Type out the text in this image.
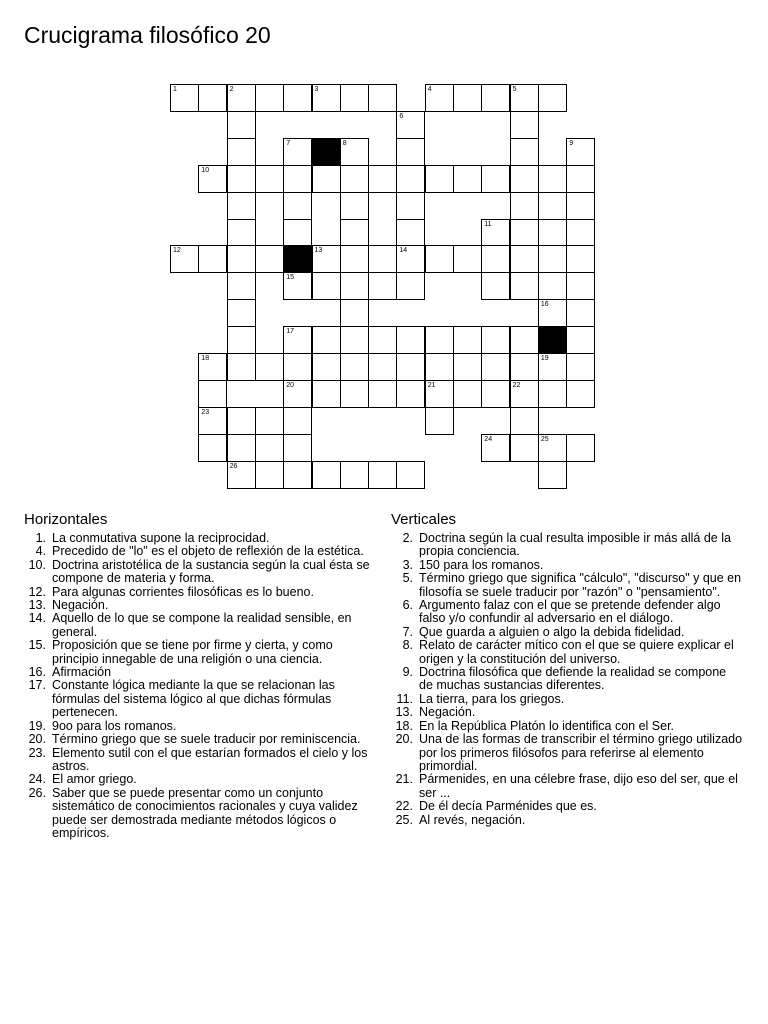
Crucigrama filosófico 20
1	2	3	4	5
6
7	8	9
10
11
12	13	14
15
16
17
18	19
20	21	22
23
24	25
26
Horizontales
1. La conmutativa supone la reciprocidad.
4. Precedido de "lo" es el objeto de reflexión de la estética.
10. Doctrina aristotélica de la sustancia según la cual ésta se compone de materia y forma.
12. Para algunas corrientes filosóficas es lo bueno.
13. Negación.
14. Aquello de lo que se compone la realidad sensible, en general.
15. Proposición que se tiene por firme y cierta, y como principio innegable de una religión o una ciencia.
16. Afirmación
17. Constante lógica mediante la que se relacionan las fórmulas del sistema lógico al que dichas fórmulas pertenecen.
19. 9oo para los romanos.
20. Término griego que se suele traducir por reminiscencia.
23. Elemento sutil con el que estarían formados el cielo y los astros.
24. El amor griego.
26. Saber que se puede presentar como un conjunto sistemático de conocimientos racionales y cuya validez puede ser demostrada mediante métodos lógicos o empíricos.
Verticales
2. Doctrina según la cual resulta imposible ir más allá de la propia conciencia.
3. 150 para los romanos.
5. Término griego que significa "cálculo", "discurso" y que en filosofía se suele traducir por "razón" o "pensamiento".
6. Argumento falaz con el que se pretende defender algo falso y/o confundir al adversario en el diálogo.
7. Que guarda a alguien o algo la debida fidelidad.
8. Relato de carácter mítico con el que se quiere explicar el origen y la constitución del universo.
9. Doctrina filosófica que defiende la realidad se compone de muchas sustancias diferentes.
11. La tierra, para los griegos.
13. Negación.
18. En la República Platón lo identifica con el Ser.
20. Una de las formas de transcribir el término griego utilizado por los primeros filósofos para referirse al elemento primordial.
21. Pármenides, en una célebre frase, dijo eso del ser, que el ser ...
22. De él decía Parménides que es.
25. Al revés, negación.
